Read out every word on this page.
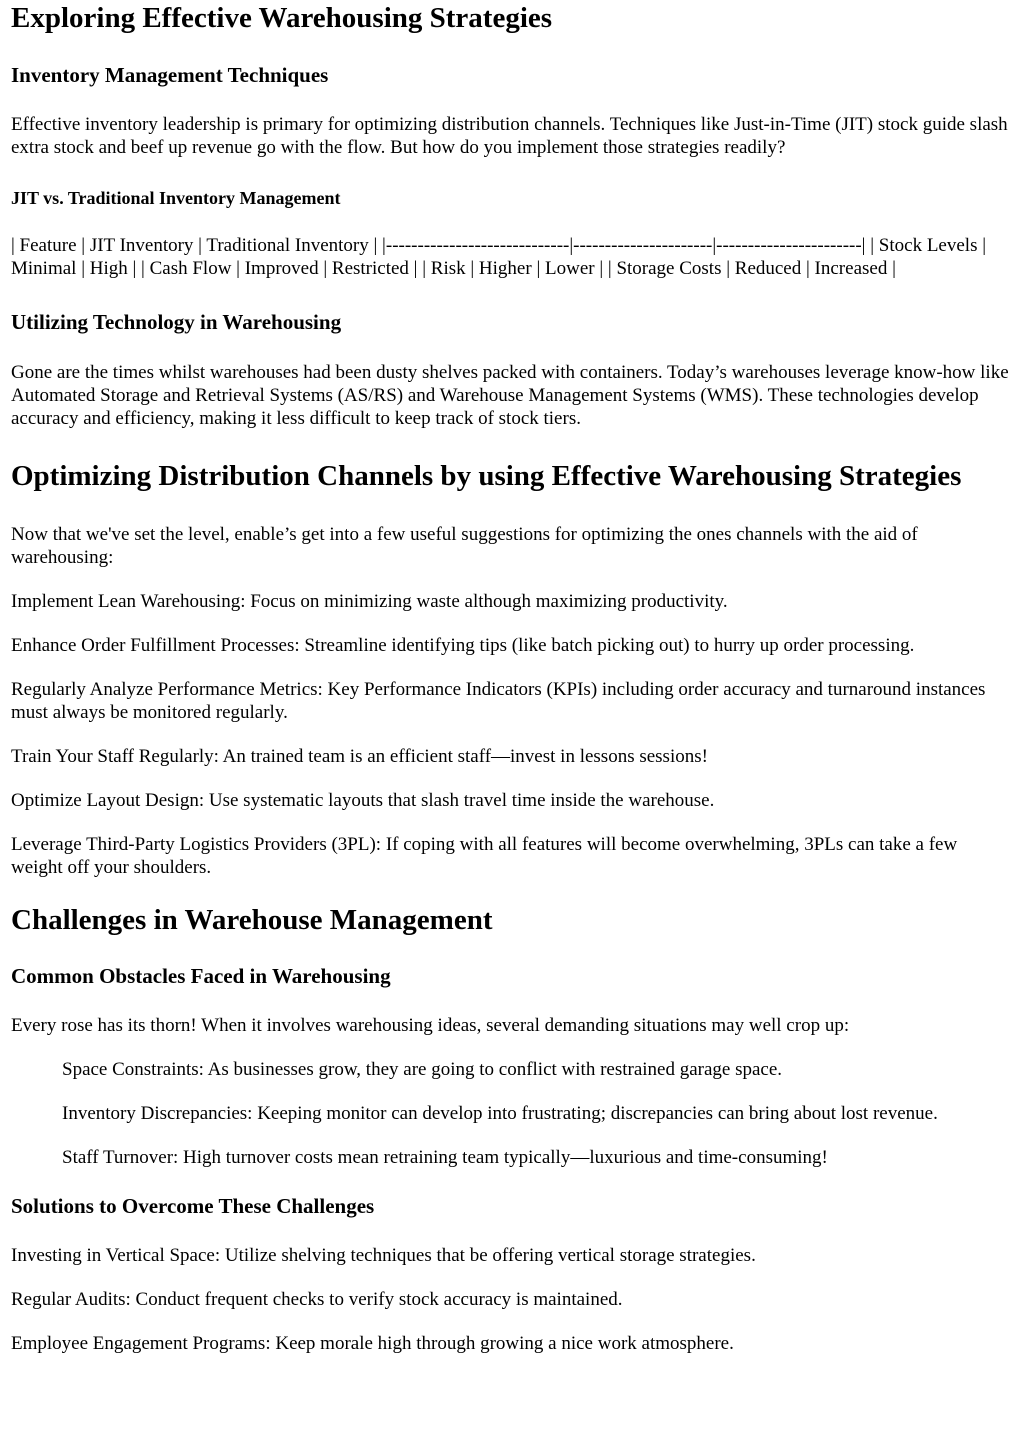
Exploring Effective Warehousing Strategies
Inventory Management Techniques

Effective inventory leadership is primary for optimizing distribution channels. Techniques like Just-in-Time (JIT) stock guide slash extra stock and beef up revenue go with the flow. But how do you implement those strategies readily?

JIT vs. Traditional Inventory Management

| Feature | JIT Inventory | Traditional Inventory | |-----------------------------|----------------------|-----------------------| | Stock Levels | Minimal | High | | Cash Flow | Improved | Restricted | | Risk | Higher | Lower | | Storage Costs | Reduced | Increased |

Utilizing Technology in Warehousing

Gone are the times whilst warehouses had been dusty shelves packed with containers. Today’s warehouses leverage know-how like Automated Storage and Retrieval Systems (AS/RS) and Warehouse Management Systems (WMS). These technologies develop accuracy and efficiency, making it less difficult to keep track of stock tiers.

Optimizing Distribution Channels by using Effective Warehousing Strategies

Now that we've set the level, enable’s get into a few useful suggestions for optimizing the ones channels with the aid of warehousing:

Implement Lean Warehousing: Focus on minimizing waste although maximizing productivity.

Enhance Order Fulfillment Processes: Streamline identifying tips (like batch picking out) to hurry up order processing.

Regularly Analyze Performance Metrics: Key Performance Indicators (KPIs) including order accuracy and turnaround instances must always be monitored regularly.

Train Your Staff Regularly: An trained team is an efficient staff—invest in lessons sessions!

Optimize Layout Design: Use systematic layouts that slash travel time inside the warehouse.

Leverage Third-Party Logistics Providers (3PL): If coping with all features will become overwhelming, 3PLs can take a few weight off your shoulders.

Challenges in Warehouse Management
Common Obstacles Faced in Warehousing

Every rose has its thorn! When it involves warehousing ideas, several demanding situations may well crop up:

Space Constraints: As businesses grow, they are going to conflict with restrained garage space.

Inventory Discrepancies: Keeping monitor can develop into frustrating; discrepancies can bring about lost revenue.

Staff Turnover: High turnover costs mean retraining team typically—luxurious and time-consuming!

Solutions to Overcome These Challenges

Investing in Vertical Space: Utilize shelving techniques that be offering vertical storage strategies.

Regular Audits: Conduct frequent checks to verify stock accuracy is maintained.

Employee Engagement Programs: Keep morale high through growing a nice work atmosphere.
